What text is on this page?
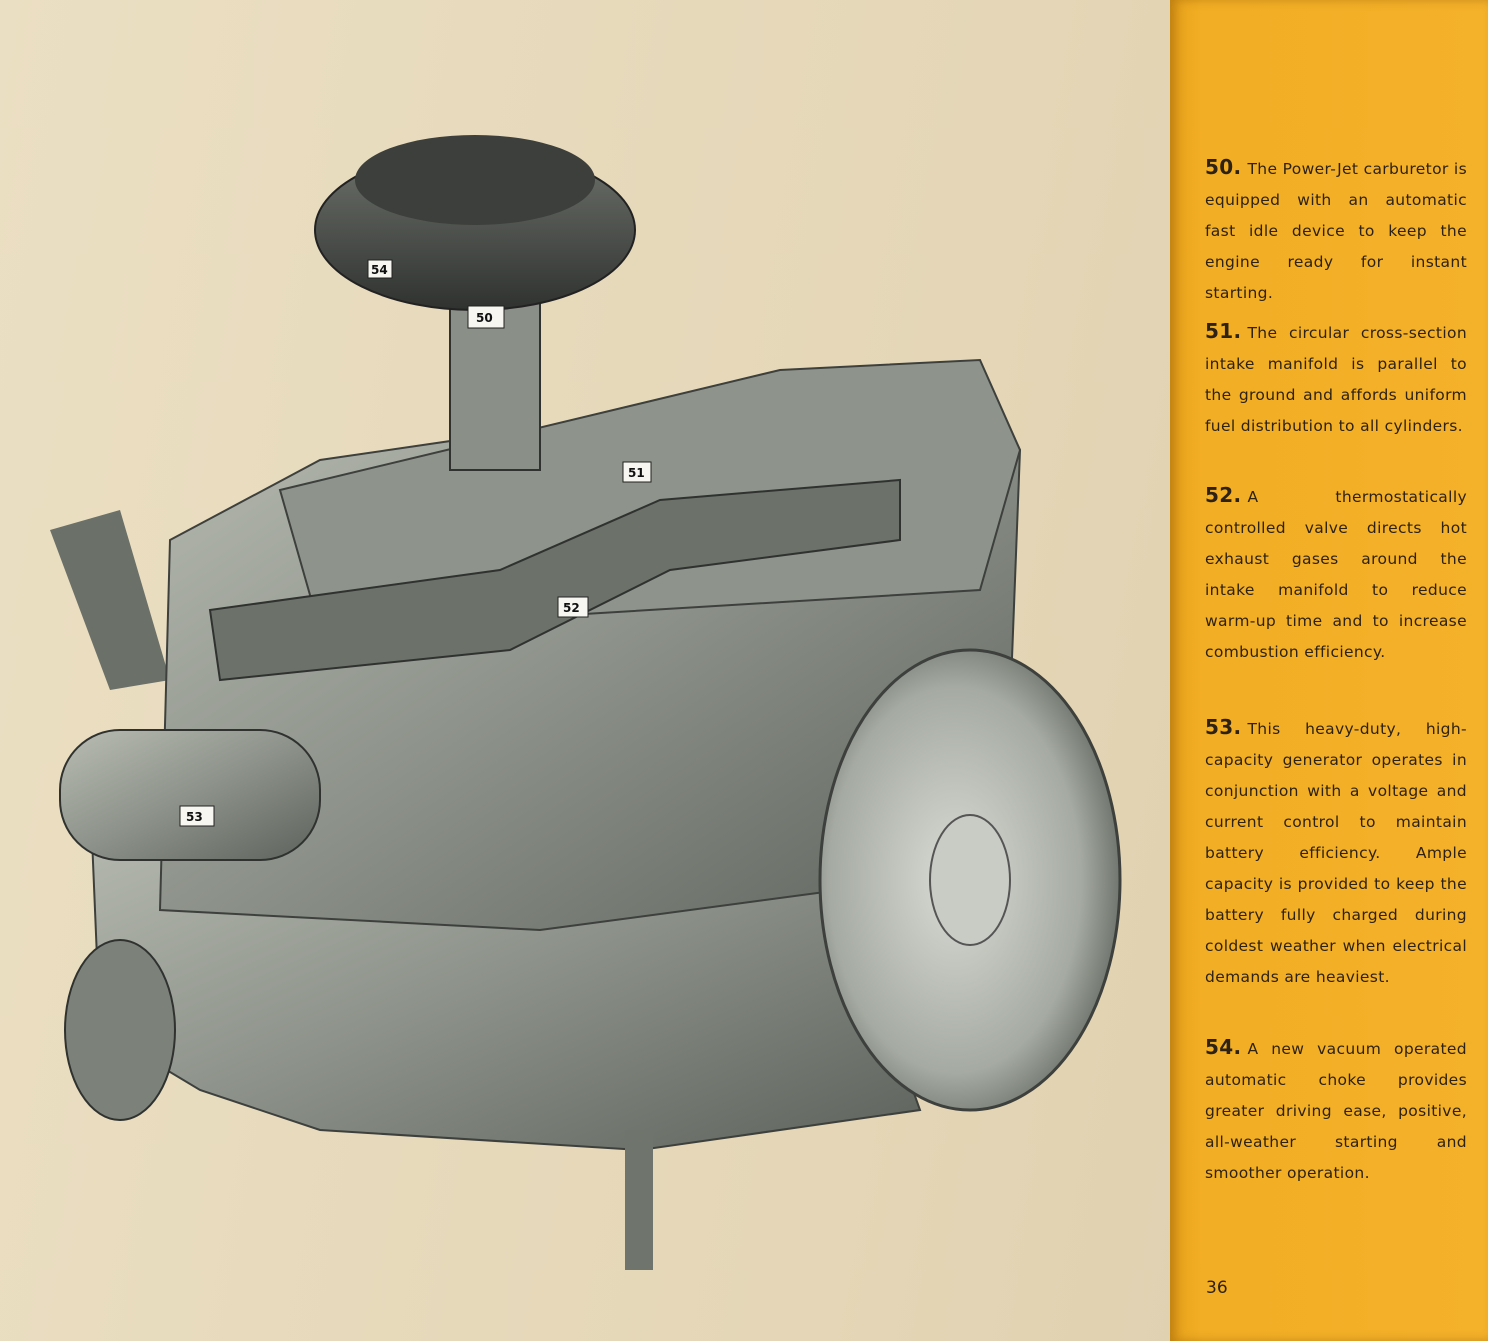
54
50
51
52
53
50. The Power-Jet carburetor is equipped with an automatic fast idle device to keep the engine ready for instant starting.
51. The circular cross-section intake manifold is parallel to the ground and affords uniform fuel distribution to all cylinders.
52. A thermostatically controlled valve directs hot exhaust gases around the intake manifold to reduce warm-up time and to increase combustion efficiency.
53. This heavy-duty, high-capacity generator operates in conjunction with a voltage and current control to maintain battery efficiency. Ample capacity is provided to keep the battery fully charged during coldest weather when electrical demands are heaviest.
54. A new vacuum operated automatic choke provides greater driving ease, positive, all-weather starting and smoother operation.
36
